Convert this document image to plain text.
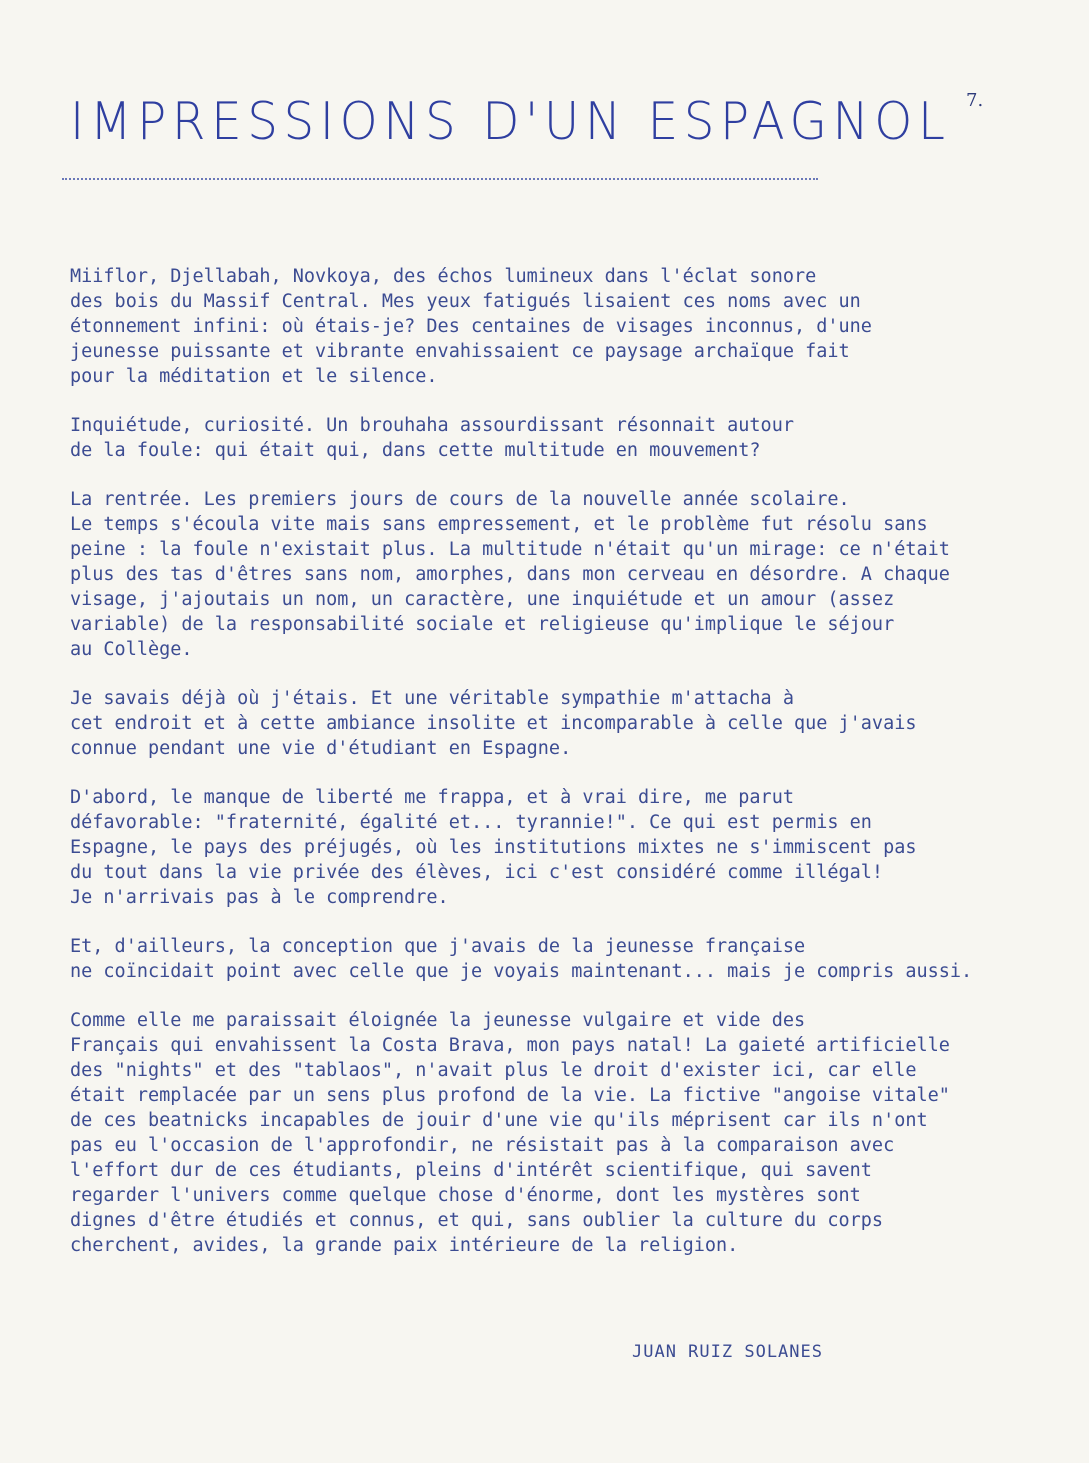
IMPRESSIONS D'UN ESPAGNOL 7.

Miiflor, Djellabah, Novkoya, des échos lumineux dans l'éclat sonore
des bois du Massif Central. Mes yeux fatigués lisaient ces noms avec un
étonnement infini: où étais-je? Des centaines de visages inconnus, d'une
jeunesse puissante et vibrante envahissaient ce paysage archaïque fait
pour la méditation et le silence.

Inquiétude, curiosité. Un brouhaha assourdissant résonnait autour
de la foule: qui était qui, dans cette multitude en mouvement?

La rentrée. Les premiers jours de cours de la nouvelle année scolaire.
Le temps s'écoula vite mais sans empressement, et le problème fut résolu sans
peine : la foule n'existait plus. La multitude n'était qu'un mirage: ce n'était
plus des tas d'êtres sans nom, amorphes, dans mon cerveau en désordre. A chaque
visage, j'ajoutais un nom, un caractère, une inquiétude et un amour (assez
variable) de la responsabilité sociale et religieuse qu'implique le séjour
au Collège.

Je savais déjà où j'étais. Et une véritable sympathie m'attacha à
cet endroit et à cette ambiance insolite et incomparable à celle que j'avais
connue pendant une vie d'étudiant en Espagne.

D'abord, le manque de liberté me frappa, et à vrai dire, me parut
défavorable: "fraternité, égalité et... tyrannie!". Ce qui est permis en
Espagne, le pays des préjugés, où les institutions mixtes ne s'immiscent pas
du tout dans la vie privée des élèves, ici c'est considéré comme illégal!
Je n'arrivais pas à le comprendre.

Et, d'ailleurs, la conception que j'avais de la jeunesse française
ne coïncidait point avec celle que je voyais maintenant... mais je compris aussi.

Comme elle me paraissait éloignée la jeunesse vulgaire et vide des
Français qui envahissent la Costa Brava, mon pays natal! La gaieté artificielle
des "nights" et des "tablaos", n'avait plus le droit d'exister ici, car elle
était remplacée par un sens plus profond de la vie. La fictive "angoise vitale"
de ces beatnicks incapables de jouir d'une vie qu'ils méprisent car ils n'ont
pas eu l'occasion de l'approfondir, ne résistait pas à la comparaison avec
l'effort dur de ces étudiants, pleins d'intérêt scientifique, qui savent
regarder l'univers comme quelque chose d'énorme, dont les mystères sont
dignes d'être étudiés et connus, et qui, sans oublier la culture du corps
cherchent, avides, la grande paix intérieure de la religion.

JUAN RUIZ SOLANES
